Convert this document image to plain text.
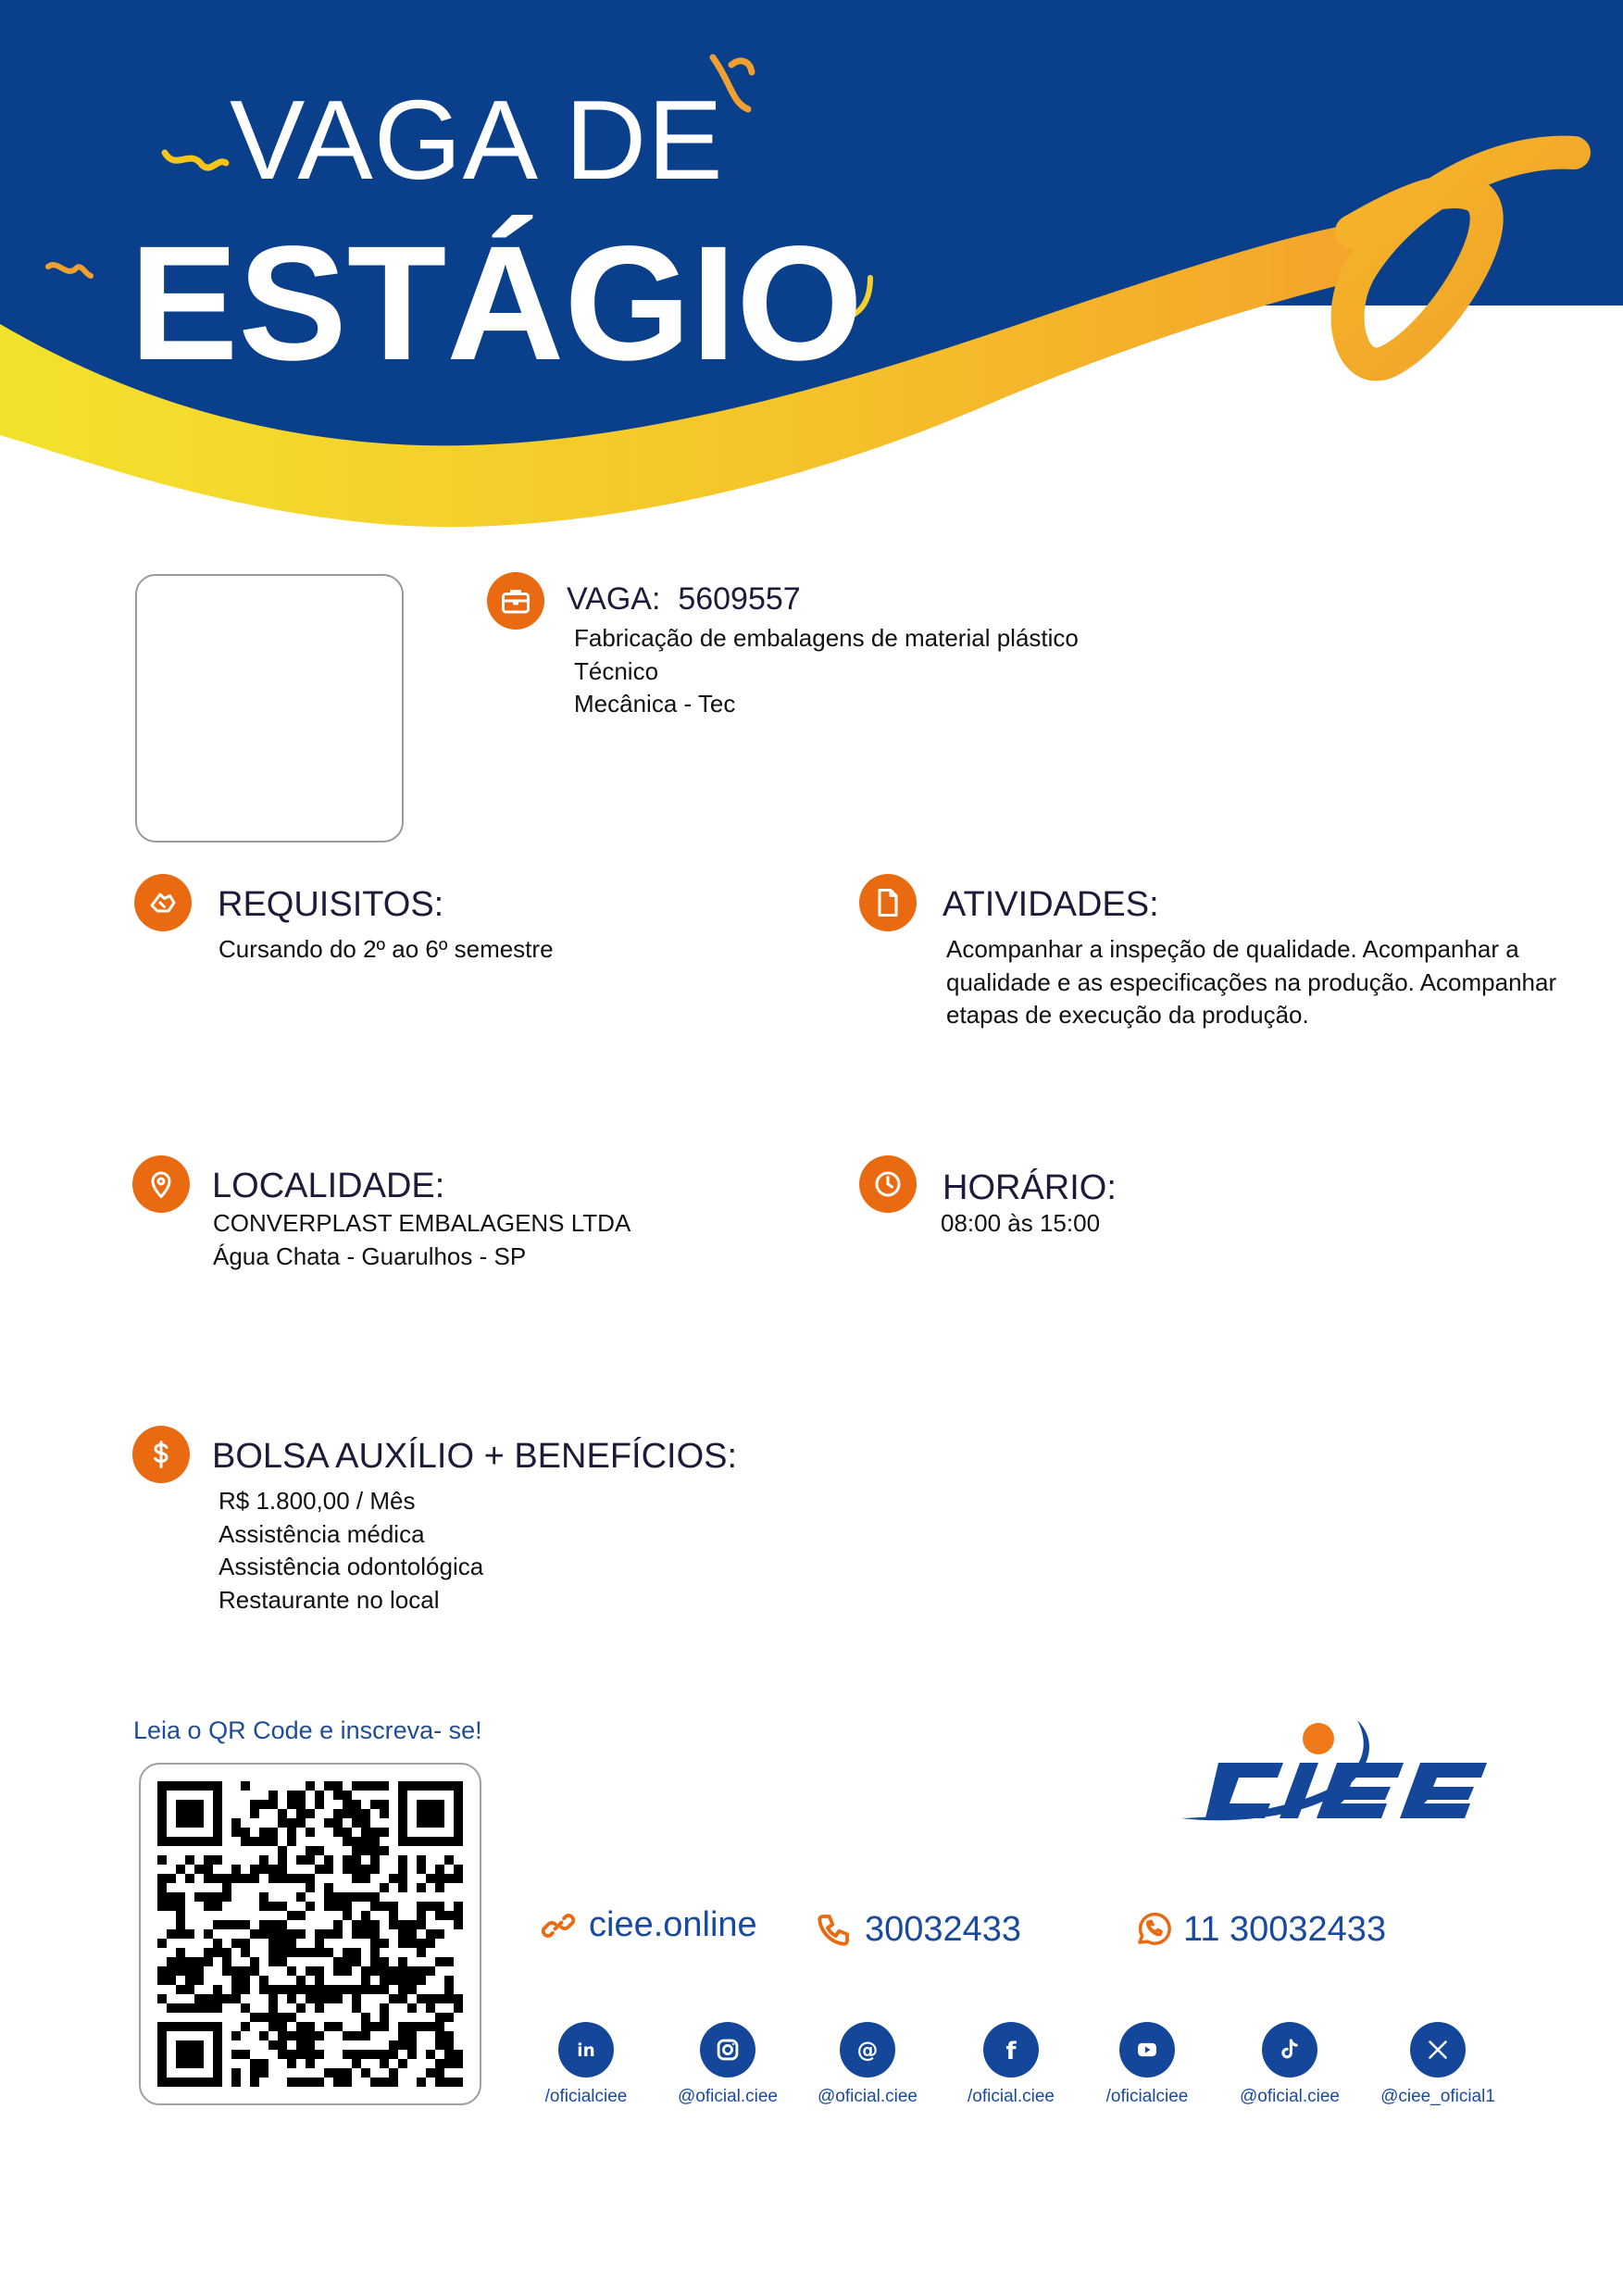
VAGA DE
ESTÁGIO
VAGA: 5609557
Fabricação de embalagens de material plástico
Técnico
Mecânica - Tec
REQUISITOS:
Cursando do 2º ao 6º semestre
ATIVIDADES:
Acompanhar a inspeção de qualidade. Acompanhar a
qualidade e as especificações na produção. Acompanhar
etapas de execução da produção.
LOCALIDADE:
CONVERPLAST EMBALAGENS LTDA
Água Chata - Guarulhos - SP
HORÁRIO:
08:00 às 15:00
BOLSA AUXÍLIO + BENEFÍCIOS:
R$ 1.800,00 / Mês
Assistência médica
Assistência odontológica
Restaurante no local
Leia o QR Code e inscreva- se!
ciee.online	30032433	11 30032433
in
/oficialciee	@oficial.ciee
@
@oficial.ciee
f
/oficial.ciee	/oficialciee	@oficial.ciee	@ciee_oficial1
